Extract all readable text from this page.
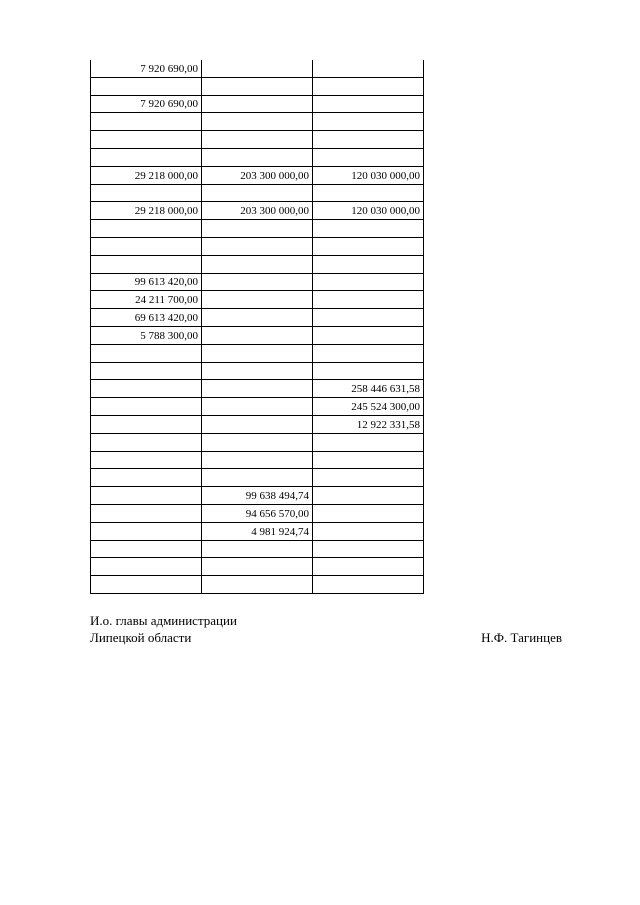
7 920 690,00		

7 920 690,00		

29 218 000,00	203 300 000,00	120 030 000,00

29 218 000,00	203 300 000,00	120 030 000,00

99 613 420,00		
24 211 700,00		
69 613 420,00		
5 788 300,00		

		258 446 631,58
		245 524 300,00
		12 922 331,58

	99 638 494,74	
	94 656 570,00	
	4 981 924,74	

И.о. главы администрации
Липецкой области	Н.Ф. Тагинцев
